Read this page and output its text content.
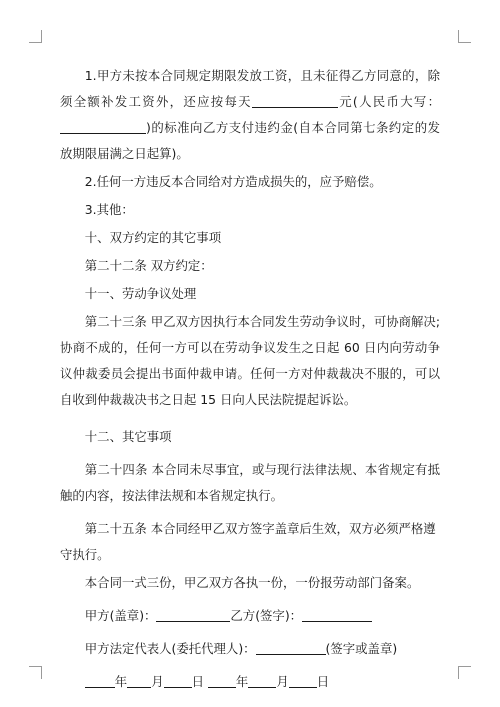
1.甲方未按本合同规定期限发放工资，且未征得乙方同意的，除须全额补发工资外，还应按每天	元(人民币大写：)的标准向乙方支付违约金(自本合同第七条约定的发放期限届满之日起算)。

2.任何一方违反本合同给对方造成损失的，应予赔偿。

3.其他：

十、双方约定的其它事项

第二十二条 双方约定：

十一、劳动争议处理

第二十三条 甲乙双方因执行本合同发生劳动争议时，可协商解决;协商不成的，任何一方可以在劳动争议发生之日起 60 日内向劳动争议仲裁委员会提出书面仲裁申请。任何一方对仲裁裁决不服的，可以自收到仲裁裁决书之日起 15 日向人民法院提起诉讼。

十二、其它事项

第二十四条 本合同未尽事宜，或与现行法律法规、本省规定有抵触的内容，按法律法规和本省规定执行。

第二十五条 本合同经甲乙双方签字盖章后生效，双方必须严格遵守执行。

本合同一式三份，甲乙双方各执一份，一份报劳动部门备案。

甲方(盖章)：	乙方(签字)：

甲方法定代表人(委托代理人)：	(签字或盖章)

年 月 日	年 月 日
